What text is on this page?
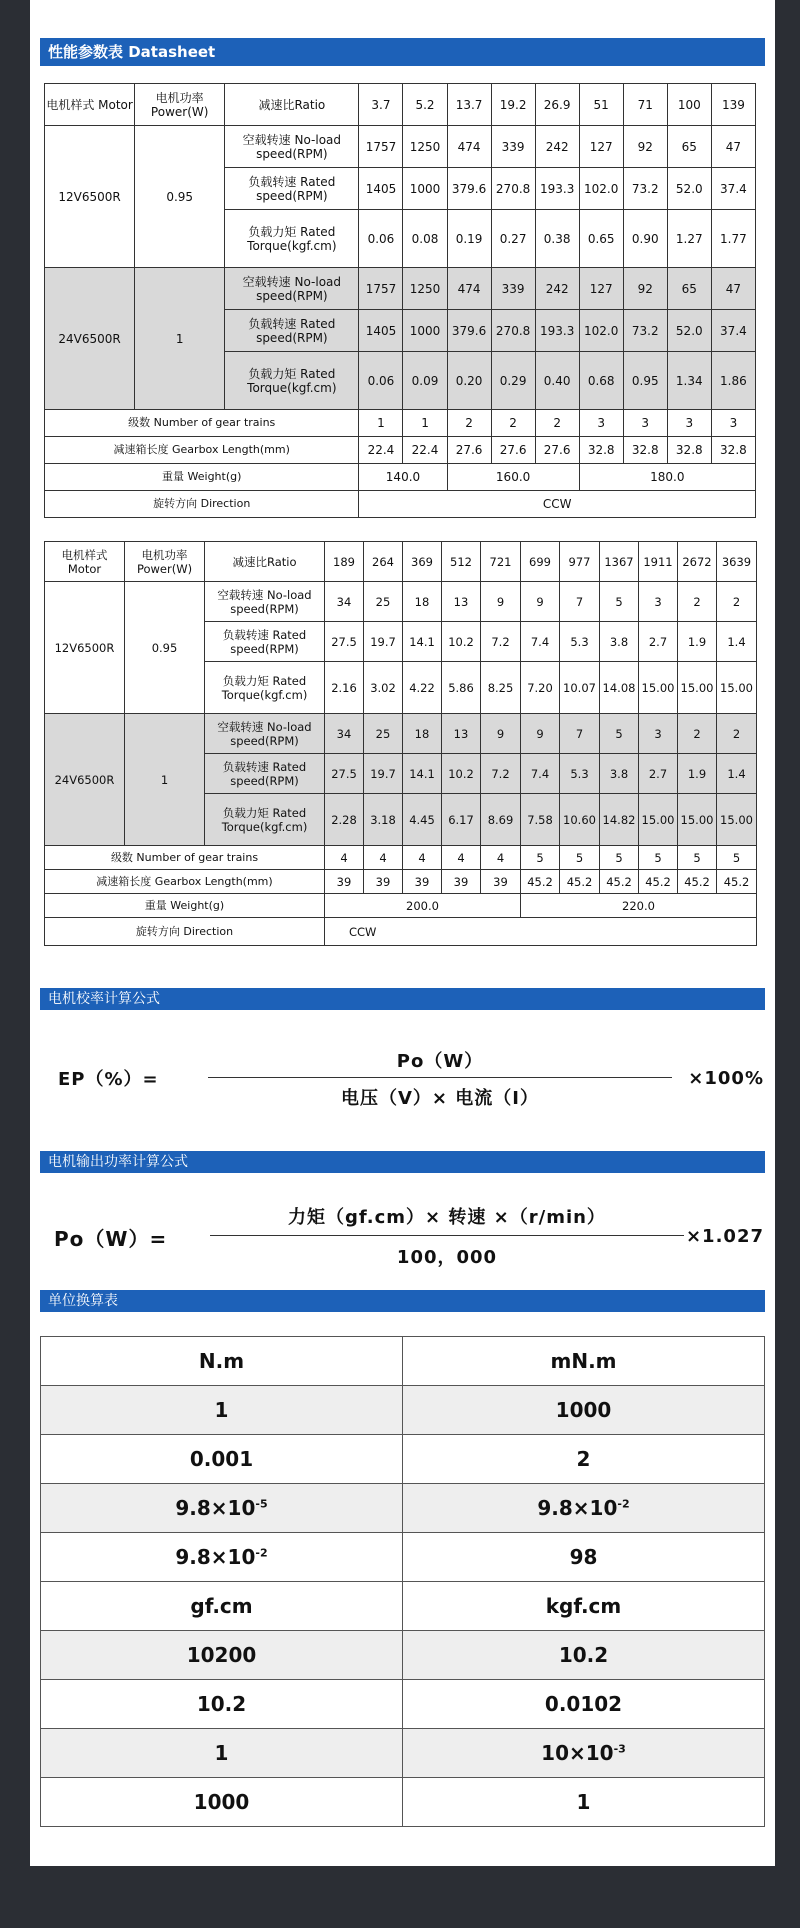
性能参数表 Datasheet
电机样式 Motor	电机功率 Power(W)	减速比Ratio	3.7	5.2	13.7	19.2	26.9	51	71	100	139
12V6500R	0.95	空载转速 No-load speed(RPM)	1757	1250	474	339	242	127	92	65	47
		负载转速 Rated speed(RPM)	1405	1000	379.6	270.8	193.3	102.0	73.2	52.0	37.4
		负载力矩 Rated Torque(kgf.cm)	0.06	0.08	0.19	0.27	0.38	0.65	0.90	1.27	1.77
24V6500R	1	空载转速 No-load speed(RPM)	1757	1250	474	339	242	127	92	65	47
		负载转速 Rated speed(RPM)	1405	1000	379.6	270.8	193.3	102.0	73.2	52.0	37.4
		负载力矩 Rated Torque(kgf.cm)	0.06	0.09	0.20	0.29	0.40	0.68	0.95	1.34	1.86
级数 Number of gear trains			1	1	2	2	2	3	3	3	3
减速箱长度 Gearbox Length(mm)			22.4	22.4	27.6	27.6	27.6	32.8	32.8	32.8	32.8
重量 Weight(g)			140.0		160.0			180.0			
旋转方向 Direction			CCW								
电机样式 Motor	电机功率 Power(W)	减速比Ratio	189	264	369	512	721	699	977	1367	1911	2672	3639
12V6500R	0.95	空载转速 No-load speed(RPM)	34	25	18	13	9	9	7	5	3	2	2
		负载转速 Rated speed(RPM)	27.5	19.7	14.1	10.2	7.2	7.4	5.3	3.8	2.7	1.9	1.4
		负载力矩 Rated Torque(kgf.cm)	2.16	3.02	4.22	5.86	8.25	7.20	10.07	14.08	15.00	15.00	15.00
24V6500R	1	空载转速 No-load speed(RPM)	34	25	18	13	9	9	7	5	3	2	2
		负载转速 Rated speed(RPM)	27.5	19.7	14.1	10.2	7.2	7.4	5.3	3.8	2.7	1.9	1.4
		负载力矩 Rated Torque(kgf.cm)	2.28	3.18	4.45	6.17	8.69	7.58	10.60	14.82	15.00	15.00	15.00
级数 Number of gear trains			4	4	4	4	4	5	5	5	5	5	5
减速箱长度 Gearbox Length(mm)			39	39	39	39	39	45.2	45.2	45.2	45.2	45.2	45.2
重量 Weight(g)			200.0					220.0					
旋转方向 Direction			CCW										
电机校率计算公式
EP（%）=
Po（W）
电压（V）× 电流（I）
×100%
电机输出功率计算公式
Po（W）=
力矩（gf.cm）× 转速 ×（r/min）
100，000
×1.027
单位换算表
N.m	mN.m
1	1000
0.001	2
$9.8\times 10^{-5}$	$9.8\times 10^{-2}$
$9.8\times 10^{-2}$	98
gf.cm	kgf.cm
10200	10.2
10.2	0.0102
1	$10\times 10^{-3}$
1000	1
